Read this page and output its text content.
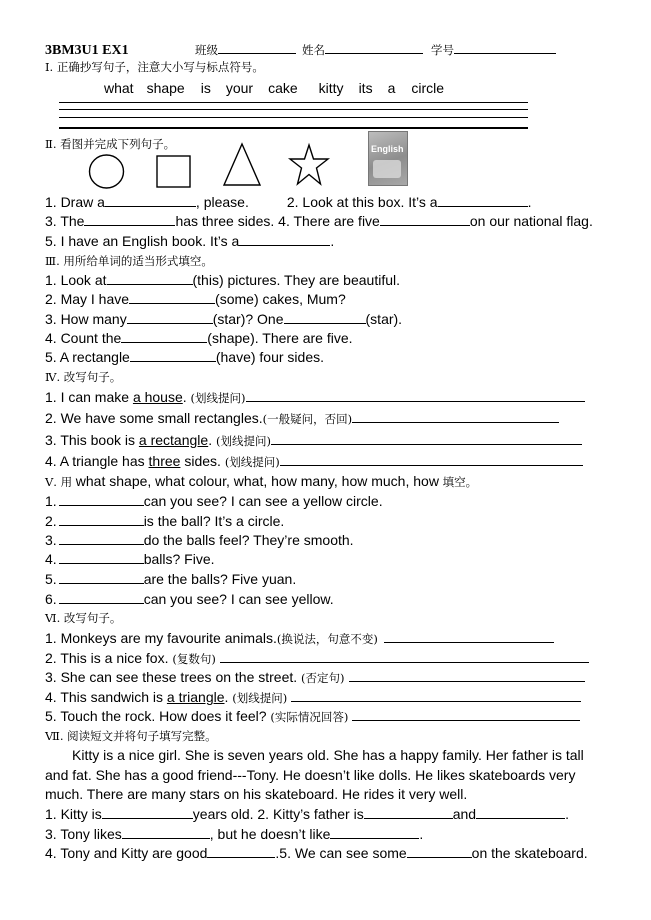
3BM3U1 EX1	班级	姓名	学号
Ⅰ. 正确抄写句子，注意大小写与标点符号。
what shape is your cake kitty its a circle
Ⅱ. 看图并完成下列句子。	English
1. Draw a	, please.	2. Look at this box. It’s a	.
3. The	has three sides. 4. There are five	on our national flag.
5. I have an English book. It’s a	.
Ⅲ. 用所给单词的适当形式填空。
1. Look at	(this) pictures. They are beautiful.
2. May I have	(some) cakes, Mum?
3. How many	(star)? One	(star).
4. Count the	(shape). There are five.
5. A rectangle	(have) four sides.
Ⅳ. 改写句子。
1. I can make a house. (划线提问)
2. We have some small rectangles.(一般疑问，否回)
3. This book is a rectangle. (划线提问)
4. A triangle has three sides. (划线提问)
Ⅴ. 用 what shape, what colour, what, how many, how much, how 填空。
1.	can you see? I can see a yellow circle.
2.	is the ball? It’s a circle.
3.	do the balls feel? They’re smooth.
4.	balls? Five.
5.	are the balls? Five yuan.
6.	can you see? I can see yellow.
Ⅵ. 改写句子。
1. Monkeys are my favourite animals.(换说法，句意不变)
2. This is a nice fox. (复数句)
3. She can see these trees on the street. (否定句)
4. This sandwich is a triangle. (划线提问)
5. Touch the rock. How does it feel? (实际情况回答)
Ⅶ. 阅读短文并将句子填写完整。
Kitty is a nice girl. She is seven years old. She has a happy family. Her father is tall
and fat. She has a good friend---Tony. He doesn’t like dolls. He likes skateboards very
much. There are many stars on his skateboard. He rides it very well.
1. Kitty is	years old. 2. Kitty’s father is	and	.
3. Tony likes	, but he doesn’t like	.
4. Tony and Kitty are good	.5. We can see some	on the skateboard.
